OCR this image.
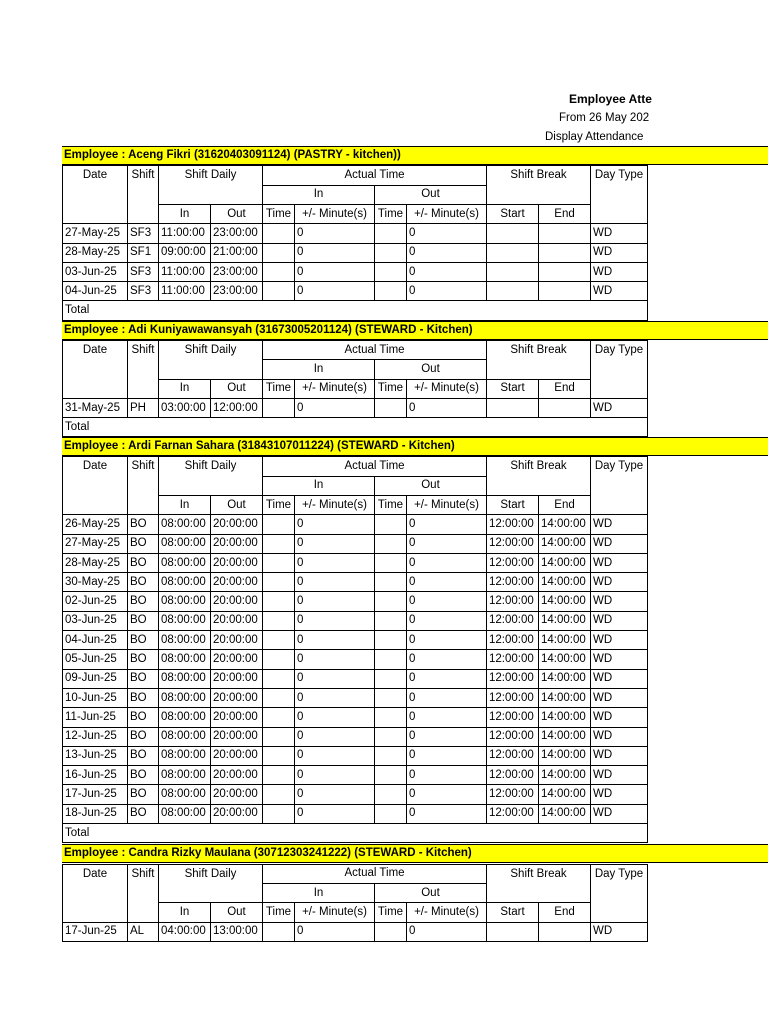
Employee Atte
From 26 May 202
Display Attendance
Employee : Aceng Fikri (31620403091124) (PASTRY - kitchen))
Date	Shift	Shift Daily		Actual Time				Shift Break		Day Type
				In		Out				
		In	Out	Time	+/- Minute(s)	Time	+/- Minute(s)	Start	End	
27-May-25	SF3	11:00:00	23:00:00		0		0			WD
28-May-25	SF1	09:00:00	21:00:00		0		0			WD
03-Jun-25	SF3	11:00:00	23:00:00		0		0			WD
04-Jun-25	SF3	11:00:00	23:00:00		0		0			WD
Total										
Employee : Adi Kuniyawawansyah (31673005201124) (STEWARD - Kitchen)
Date	Shift	Shift Daily		Actual Time				Shift Break		Day Type
				In		Out				
		In	Out	Time	+/- Minute(s)	Time	+/- Minute(s)	Start	End	
31-May-25	PH	03:00:00	12:00:00		0		0			WD
Total										
Employee : Ardi Farnan Sahara (31843107011224) (STEWARD - Kitchen)
Date	Shift	Shift Daily		Actual Time				Shift Break		Day Type
				In		Out				
		In	Out	Time	+/- Minute(s)	Time	+/- Minute(s)	Start	End	
26-May-25	BO	08:00:00	20:00:00		0		0	12:00:00	14:00:00	WD
27-May-25	BO	08:00:00	20:00:00		0		0	12:00:00	14:00:00	WD
28-May-25	BO	08:00:00	20:00:00		0		0	12:00:00	14:00:00	WD
30-May-25	BO	08:00:00	20:00:00		0		0	12:00:00	14:00:00	WD
02-Jun-25	BO	08:00:00	20:00:00		0		0	12:00:00	14:00:00	WD
03-Jun-25	BO	08:00:00	20:00:00		0		0	12:00:00	14:00:00	WD
04-Jun-25	BO	08:00:00	20:00:00		0		0	12:00:00	14:00:00	WD
05-Jun-25	BO	08:00:00	20:00:00		0		0	12:00:00	14:00:00	WD
09-Jun-25	BO	08:00:00	20:00:00		0		0	12:00:00	14:00:00	WD
10-Jun-25	BO	08:00:00	20:00:00		0		0	12:00:00	14:00:00	WD
11-Jun-25	BO	08:00:00	20:00:00		0		0	12:00:00	14:00:00	WD
12-Jun-25	BO	08:00:00	20:00:00		0		0	12:00:00	14:00:00	WD
13-Jun-25	BO	08:00:00	20:00:00		0		0	12:00:00	14:00:00	WD
16-Jun-25	BO	08:00:00	20:00:00		0		0	12:00:00	14:00:00	WD
17-Jun-25	BO	08:00:00	20:00:00		0		0	12:00:00	14:00:00	WD
18-Jun-25	BO	08:00:00	20:00:00		0		0	12:00:00	14:00:00	WD
Total										
Employee : Candra Rizky Maulana (30712303241222) (STEWARD - Kitchen)
Date	Shift	Shift Daily		Actual Time				Shift Break		Day Type
				In		Out				
		In	Out	Time	+/- Minute(s)	Time	+/- Minute(s)	Start	End	
17-Jun-25	AL	04:00:00	13:00:00		0		0			WD
